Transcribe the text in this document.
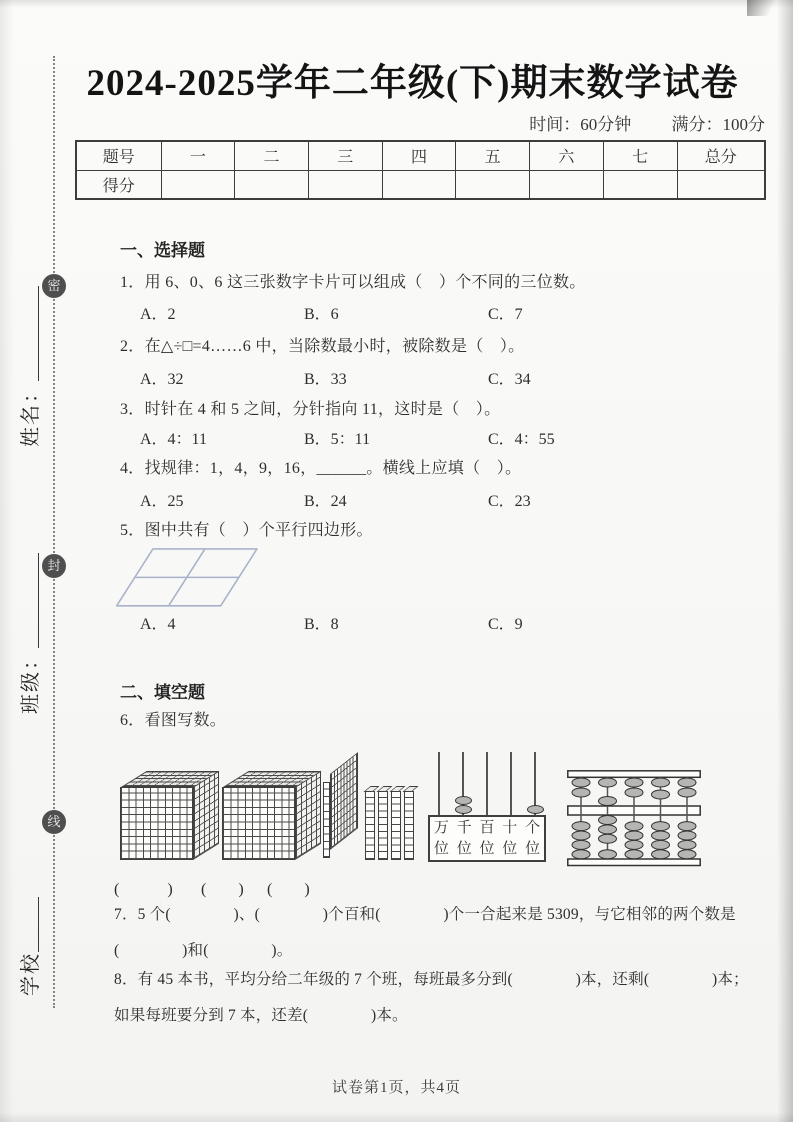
密
封
线
姓名：
班级：
学校
2024-2025学年二年级(下)期末数学试卷
时间：60分钟 满分：100分
题号	一	二	三	四	五	六	七	总分
得分								
一、选择题
1．用 6、0、6 这三张数字卡片可以组成（　）个不同的三位数。
A．2	B．6	C．7
2．在△÷□=4……6 中，当除数最小时，被除数是（　）。
A．32	B．33	C．34
3．时针在 4 和 5 之间，分针指向 11，这时是（　）。
A．4：11	B．5：11	C．4：55
4．找规律：1，4，9，16，______。横线上应填（　）。
A．25	B．24	C．23
5．图中共有（　）个平行四边形。
A．4	B．8	C．9
二、填空题
6．看图写数。
万
位
千
位
百
位
十
位
个
位
(　　　) (　　) (　　)
7．5 个(　　　　)、(　　　　)个百和(　　　　)个一合起来是 5309，与它相邻的两个数是
(　　　　)和(　　　　)。
8．有 45 本书，平均分给二年级的 7 个班，每班最多分到(　　　　)本，还剩(　　　　)本；
如果每班要分到 7 本，还差(　　　　)本。
试卷第1页，共4页
